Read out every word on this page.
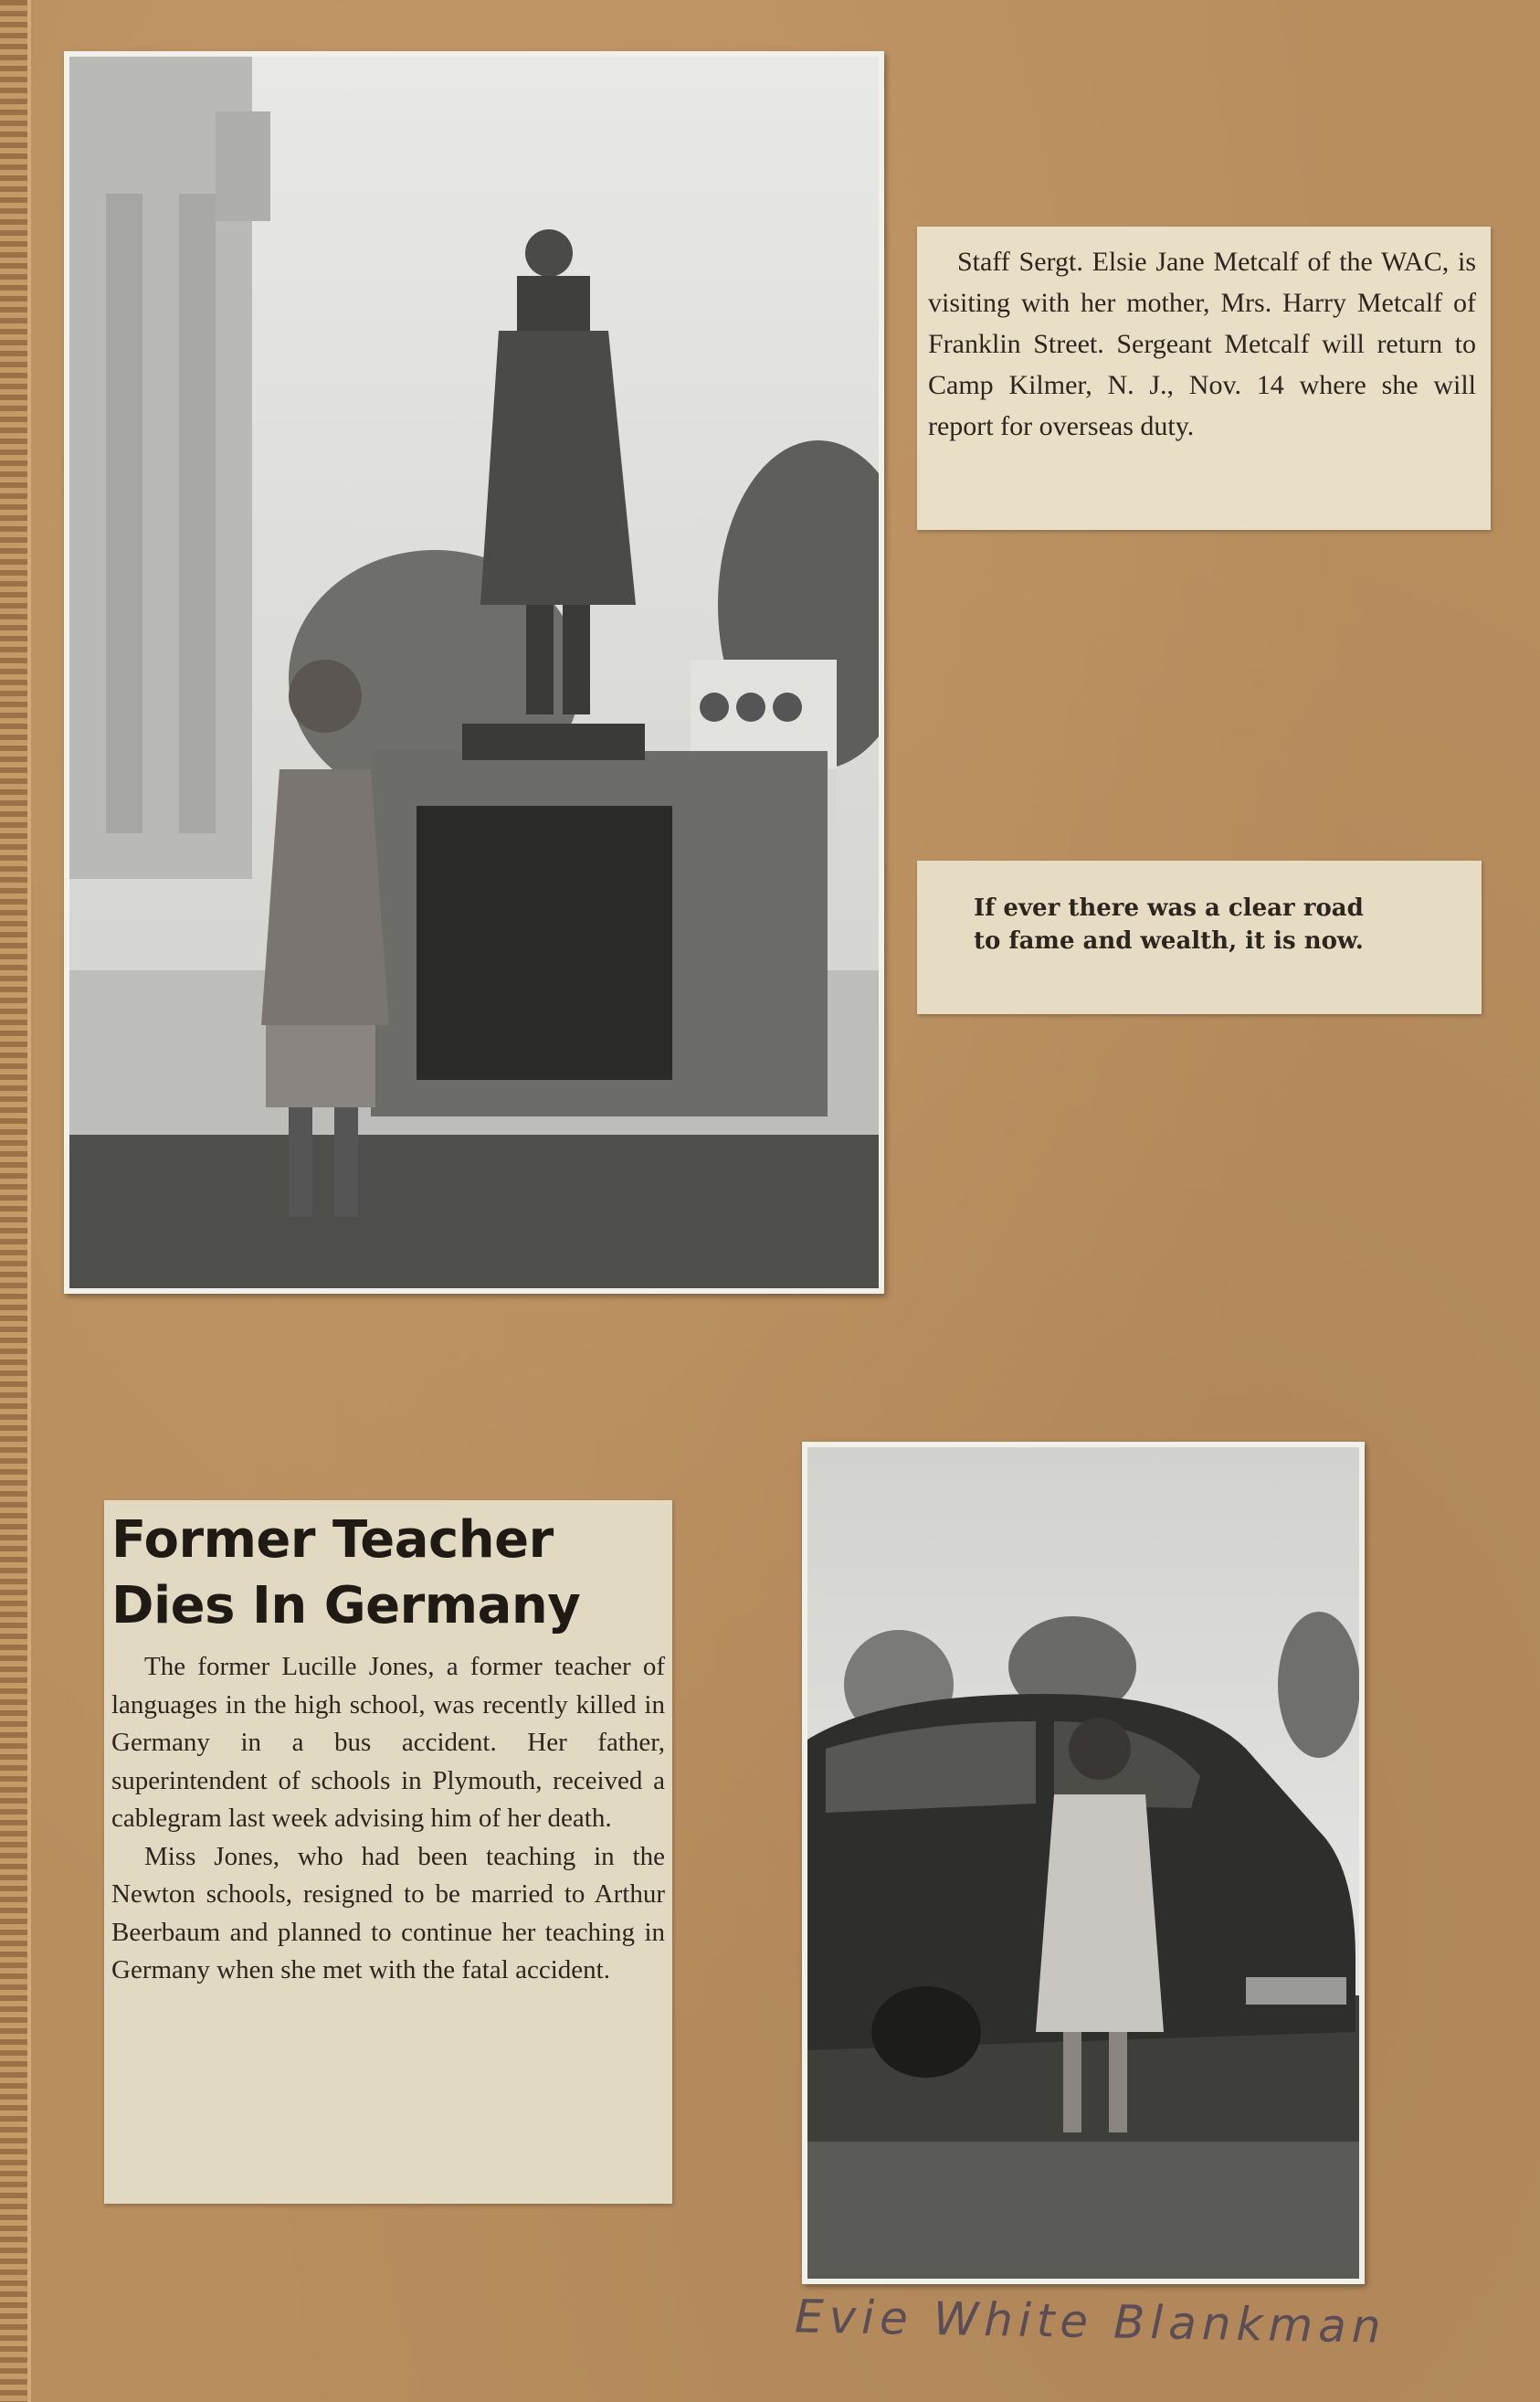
Staff Sergt. Elsie Jane Metcalf of the WAC, is visiting with her mother, Mrs. Harry Metcalf of Franklin Street. Sergeant Metcalf will return to Camp Kilmer, N. J., Nov. 14 where she will report for overseas duty.

If ever there was a clear road

to fame and wealth, it is now.

Former Teacher
Dies In Germany

The former Lucille Jones, a former teacher of languages in the high school, was recently killed in Germany in a bus accident. Her father, superintendent of schools in Plymouth, received a cablegram last week advising him of her death.

Miss Jones, who had been teaching in the Newton schools, resigned to be married to Arthur Beerbaum and planned to continue her teaching in Germany when she met with the fatal accident.

Evie White Blankman
